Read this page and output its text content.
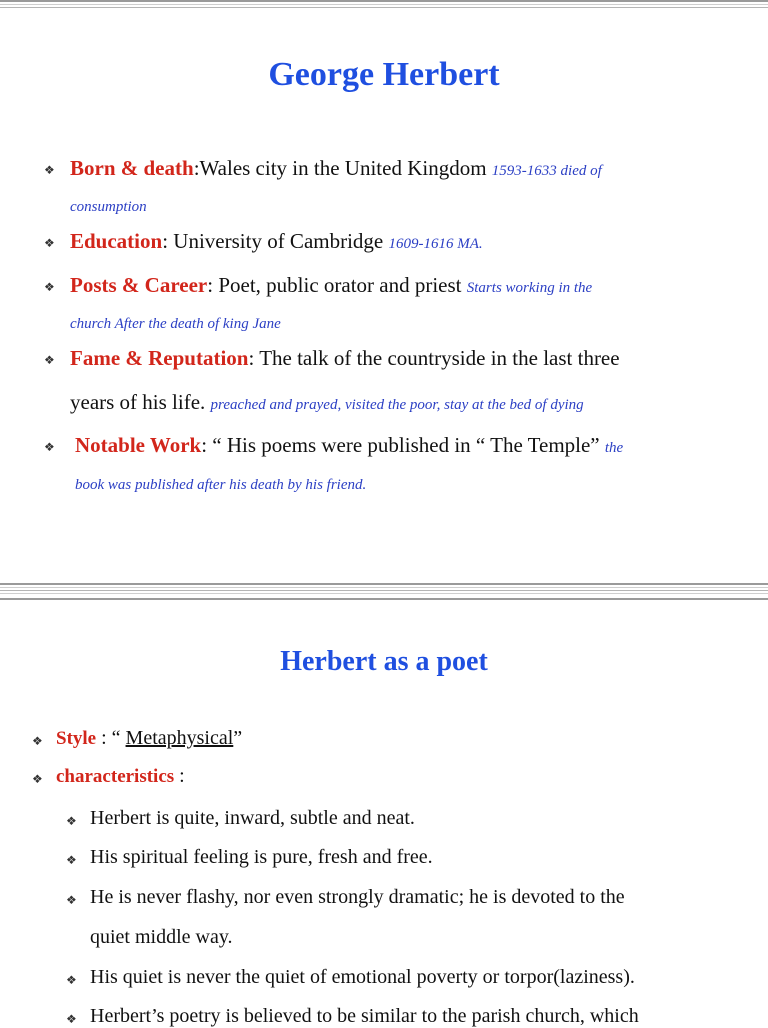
George Herbert
❖ Born & death:Wales city in the United Kingdom 1593-1633 died of
consumption
❖ Education: University of Cambridge 1609-1616 MA.
❖ Posts & Career: Poet, public orator and priest Starts working in the
church After the death of king Jane
❖ Fame & Reputation: The talk of the countryside in the last three
years of his life. preached and prayed, visited the poor, stay at the bed of dying
❖ Notable Work: “ His poems were published in “ The Temple” the
book was published after his death by his friend.
Herbert as a poet
❖ Style : “ Metaphysical”
❖ characteristics :
❖ Herbert is quite, inward, subtle and neat.
❖ His spiritual feeling is pure, fresh and free.
❖ He is never flashy, nor even strongly dramatic; he is devoted to the
quiet middle way.
❖ His quiet is never the quiet of emotional poverty or torpor(laziness).
❖ Herbert’s poetry is believed to be similar to the parish church, which
